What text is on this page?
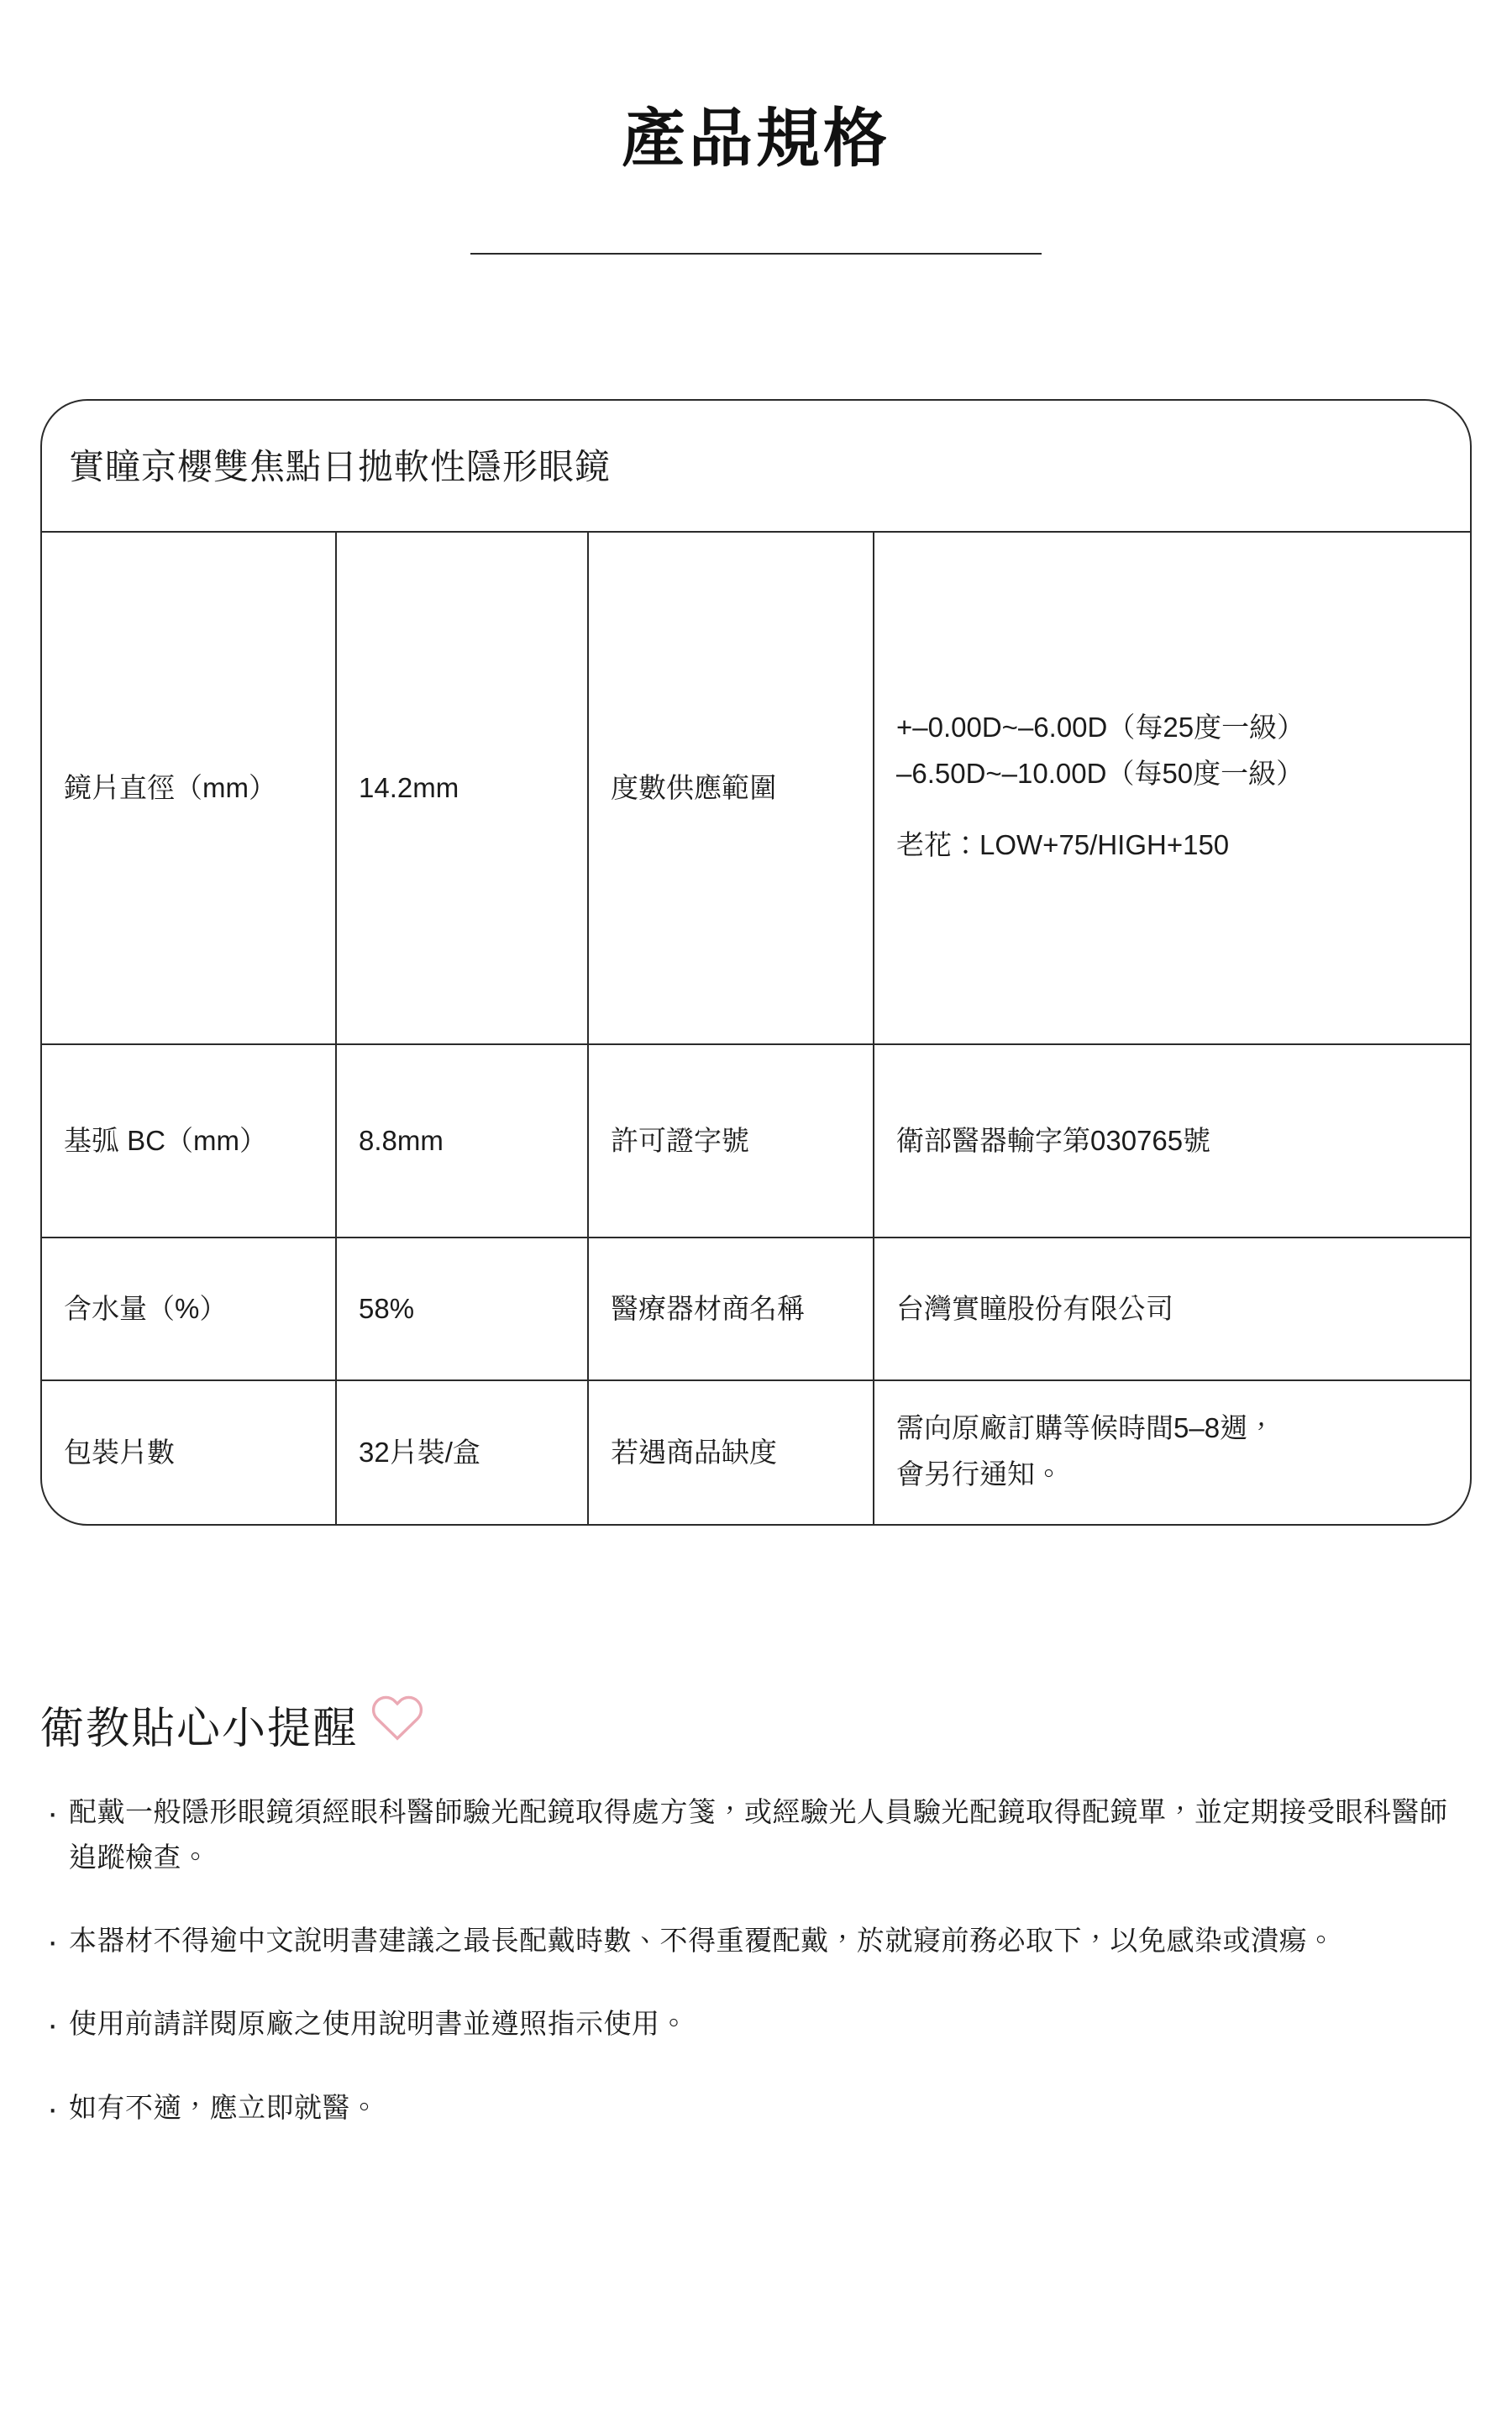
產品規格
實瞳京櫻雙焦點日拋軟性隱形眼鏡
鏡片直徑（mm）	14.2mm	度數供應範圍	+–0.00D~–6.00D（每25度一級）

–6.50D~–10.00D（每50度一級）

老花：LOW+75/HIGH+150

基弧 BC（mm）	8.8mm	許可證字號	衛部醫器輸字第030765號
含水量（%）	58%	醫療器材商名稱	台灣實瞳股份有限公司
包裝片數	32片裝/盒	若遇商品缺度	需向原廠訂購等候時間5–8週，

會另行通知。

衛教貼心小提醒
· 配戴一般隱形眼鏡須經眼科醫師驗光配鏡取得處方箋，或經驗光人員驗光配鏡取得配鏡單，並定期接受眼科醫師追蹤檢查。
· 本器材不得逾中文說明書建議之最長配戴時數、不得重覆配戴，於就寢前務必取下，以免感染或潰瘍。
· 使用前請詳閱原廠之使用說明書並遵照指示使用。
· 如有不適，應立即就醫。
